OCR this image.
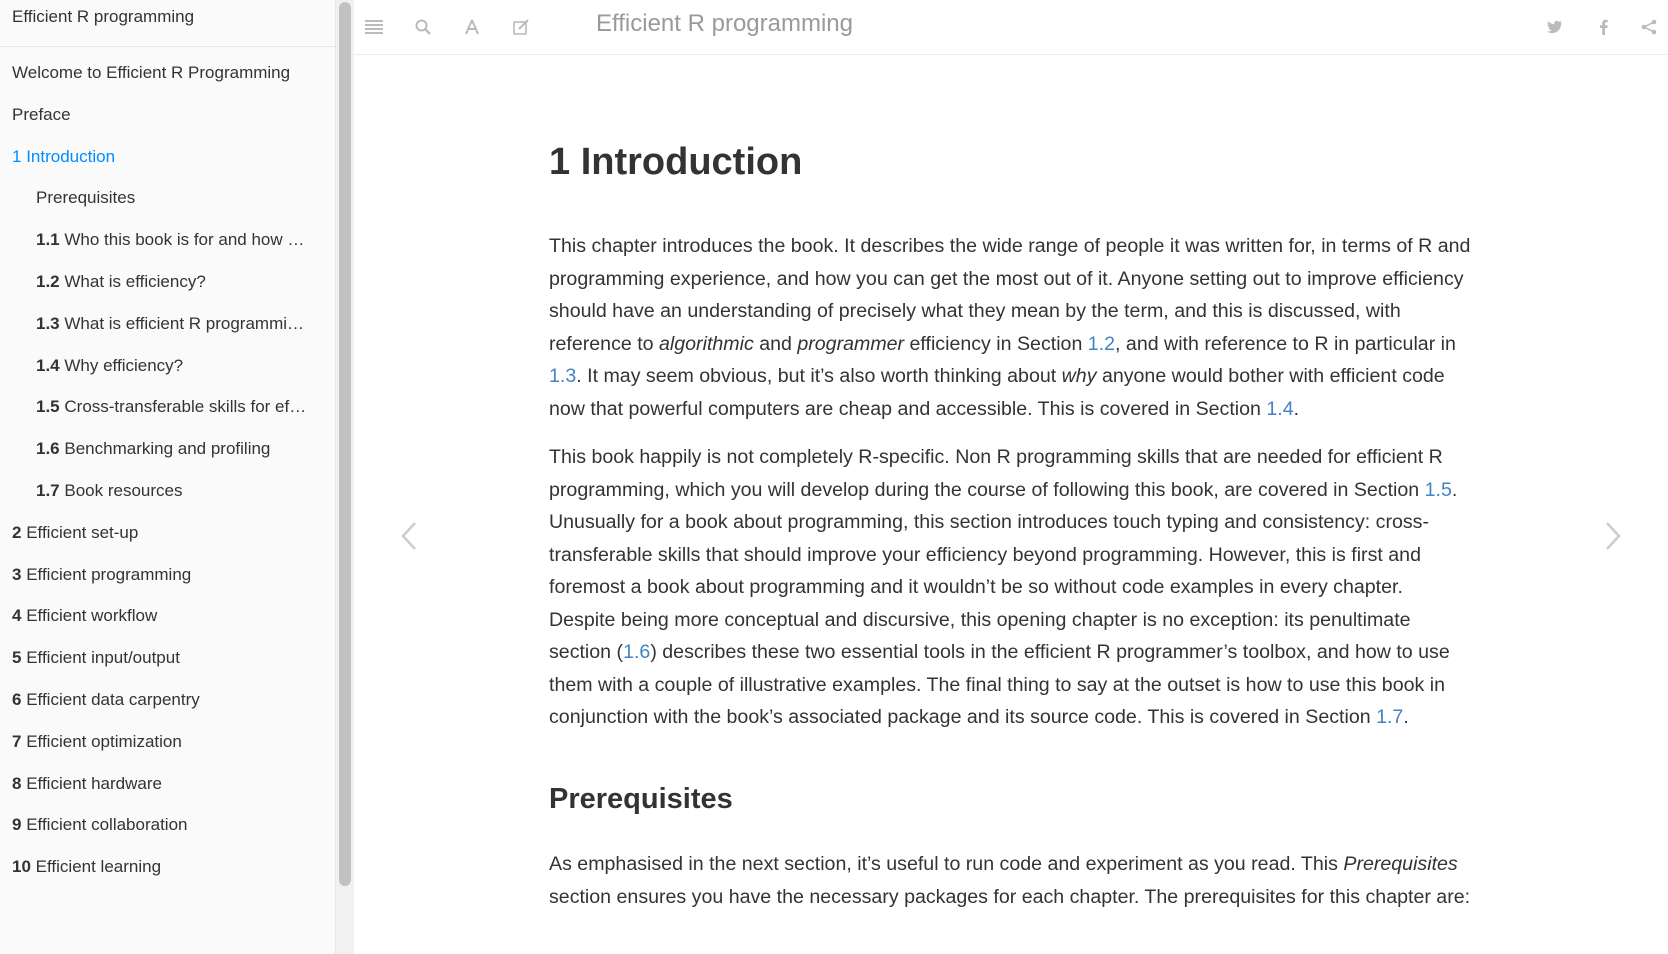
Efficient R programming
Welcome to Efficient R Programming
Preface
1 Introduction
Prerequisites
1.1 Who this book is for and how …
1.2 What is efficiency?
1.3 What is efficient R programmi…
1.4 Why efficiency?
1.5 Cross-transferable skills for ef…
1.6 Benchmarking and profiling
1.7 Book resources
2 Efficient set-up
3 Efficient programming
4 Efficient workflow
5 Efficient input/output
6 Efficient data carpentry
7 Efficient optimization
8 Efficient hardware
9 Efficient collaboration
10 Efficient learning
Efficient R programming
1 Introduction

This chapter introduces the book. It describes the wide range of people it was written for, in terms of R and programming experience, and how you can get the most out of it. Anyone setting out to improve efficiency should have an understanding of precisely what they mean by the term, and this is discussed, with reference to algorithmic and programmer efficiency in Section 1.2, and with reference to R in particular in 1.3. It may seem obvious, but it’s also worth thinking about why anyone would bother with efficient code now that powerful computers are cheap and accessible. This is covered in Section 1.4.

This book happily is not completely R-specific. Non R programming skills that are needed for efficient R programming, which you will develop during the course of following this book, are covered in Section 1.5. Unusually for a book about programming, this section introduces touch typing and consistency: cross-transferable skills that should improve your efficiency beyond programming. However, this is first and foremost a book about programming and it wouldn’t be so without code examples in every chapter. Despite being more conceptual and discursive, this opening chapter is no exception: its penultimate section (1.6) describes these two essential tools in the efficient R programmer’s toolbox, and how to use them with a couple of illustrative examples. The final thing to say at the outset is how to use this book in conjunction with the book’s associated package and its source code. This is covered in Section 1.7.

Prerequisites

As emphasised in the next section, it’s useful to run code and experiment as you read. This Prerequisites section ensures you have the necessary packages for each chapter. The prerequisites for this chapter are:
